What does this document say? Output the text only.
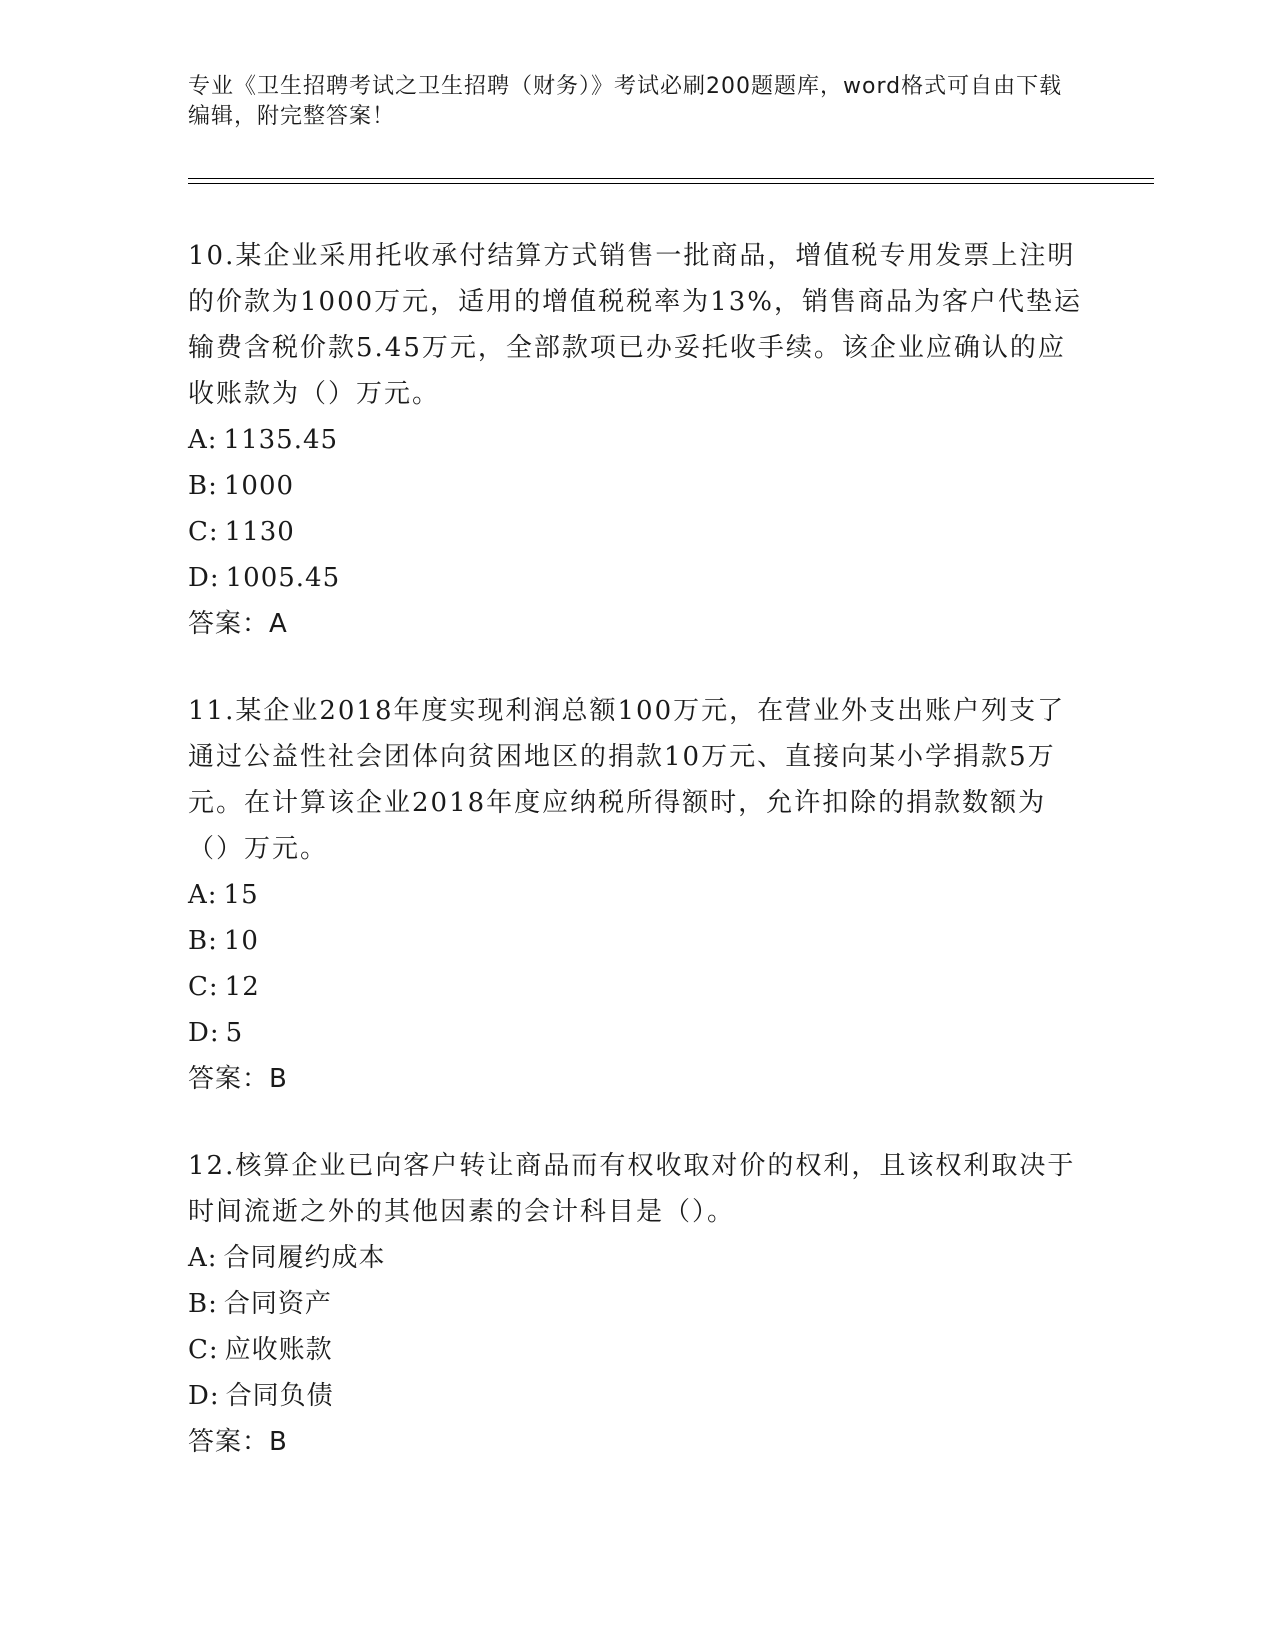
专业《卫生招聘考试之卫生招聘（财务）》考试必刷200题题库，word格式可自由下载编辑，附完整答案！
10.某企业采用托收承付结算方式销售一批商品，增值税专用发票上注明的价款为1000万元，适用的增值税税率为13%，销售商品为客户代垫运输费含税价款5.45万元，全部款项已办妥托收手续。该企业应确认的应收账款为（）万元。
A: 1135.45
B: 1000
C: 1130
D: 1005.45
答案：A
11.某企业2018年度实现利润总额100万元，在营业外支出账户列支了通过公益性社会团体向贫困地区的捐款10万元、直接向某小学捐款5万元。在计算该企业2018年度应纳税所得额时，允许扣除的捐款数额为（）万元。
A: 15
B: 10
C: 12
D: 5
答案：B
12.核算企业已向客户转让商品而有权收取对价的权利，且该权利取决于时间流逝之外的其他因素的会计科目是（）。
A: 合同履约成本
B: 合同资产
C: 应收账款
D: 合同负债
答案：B
